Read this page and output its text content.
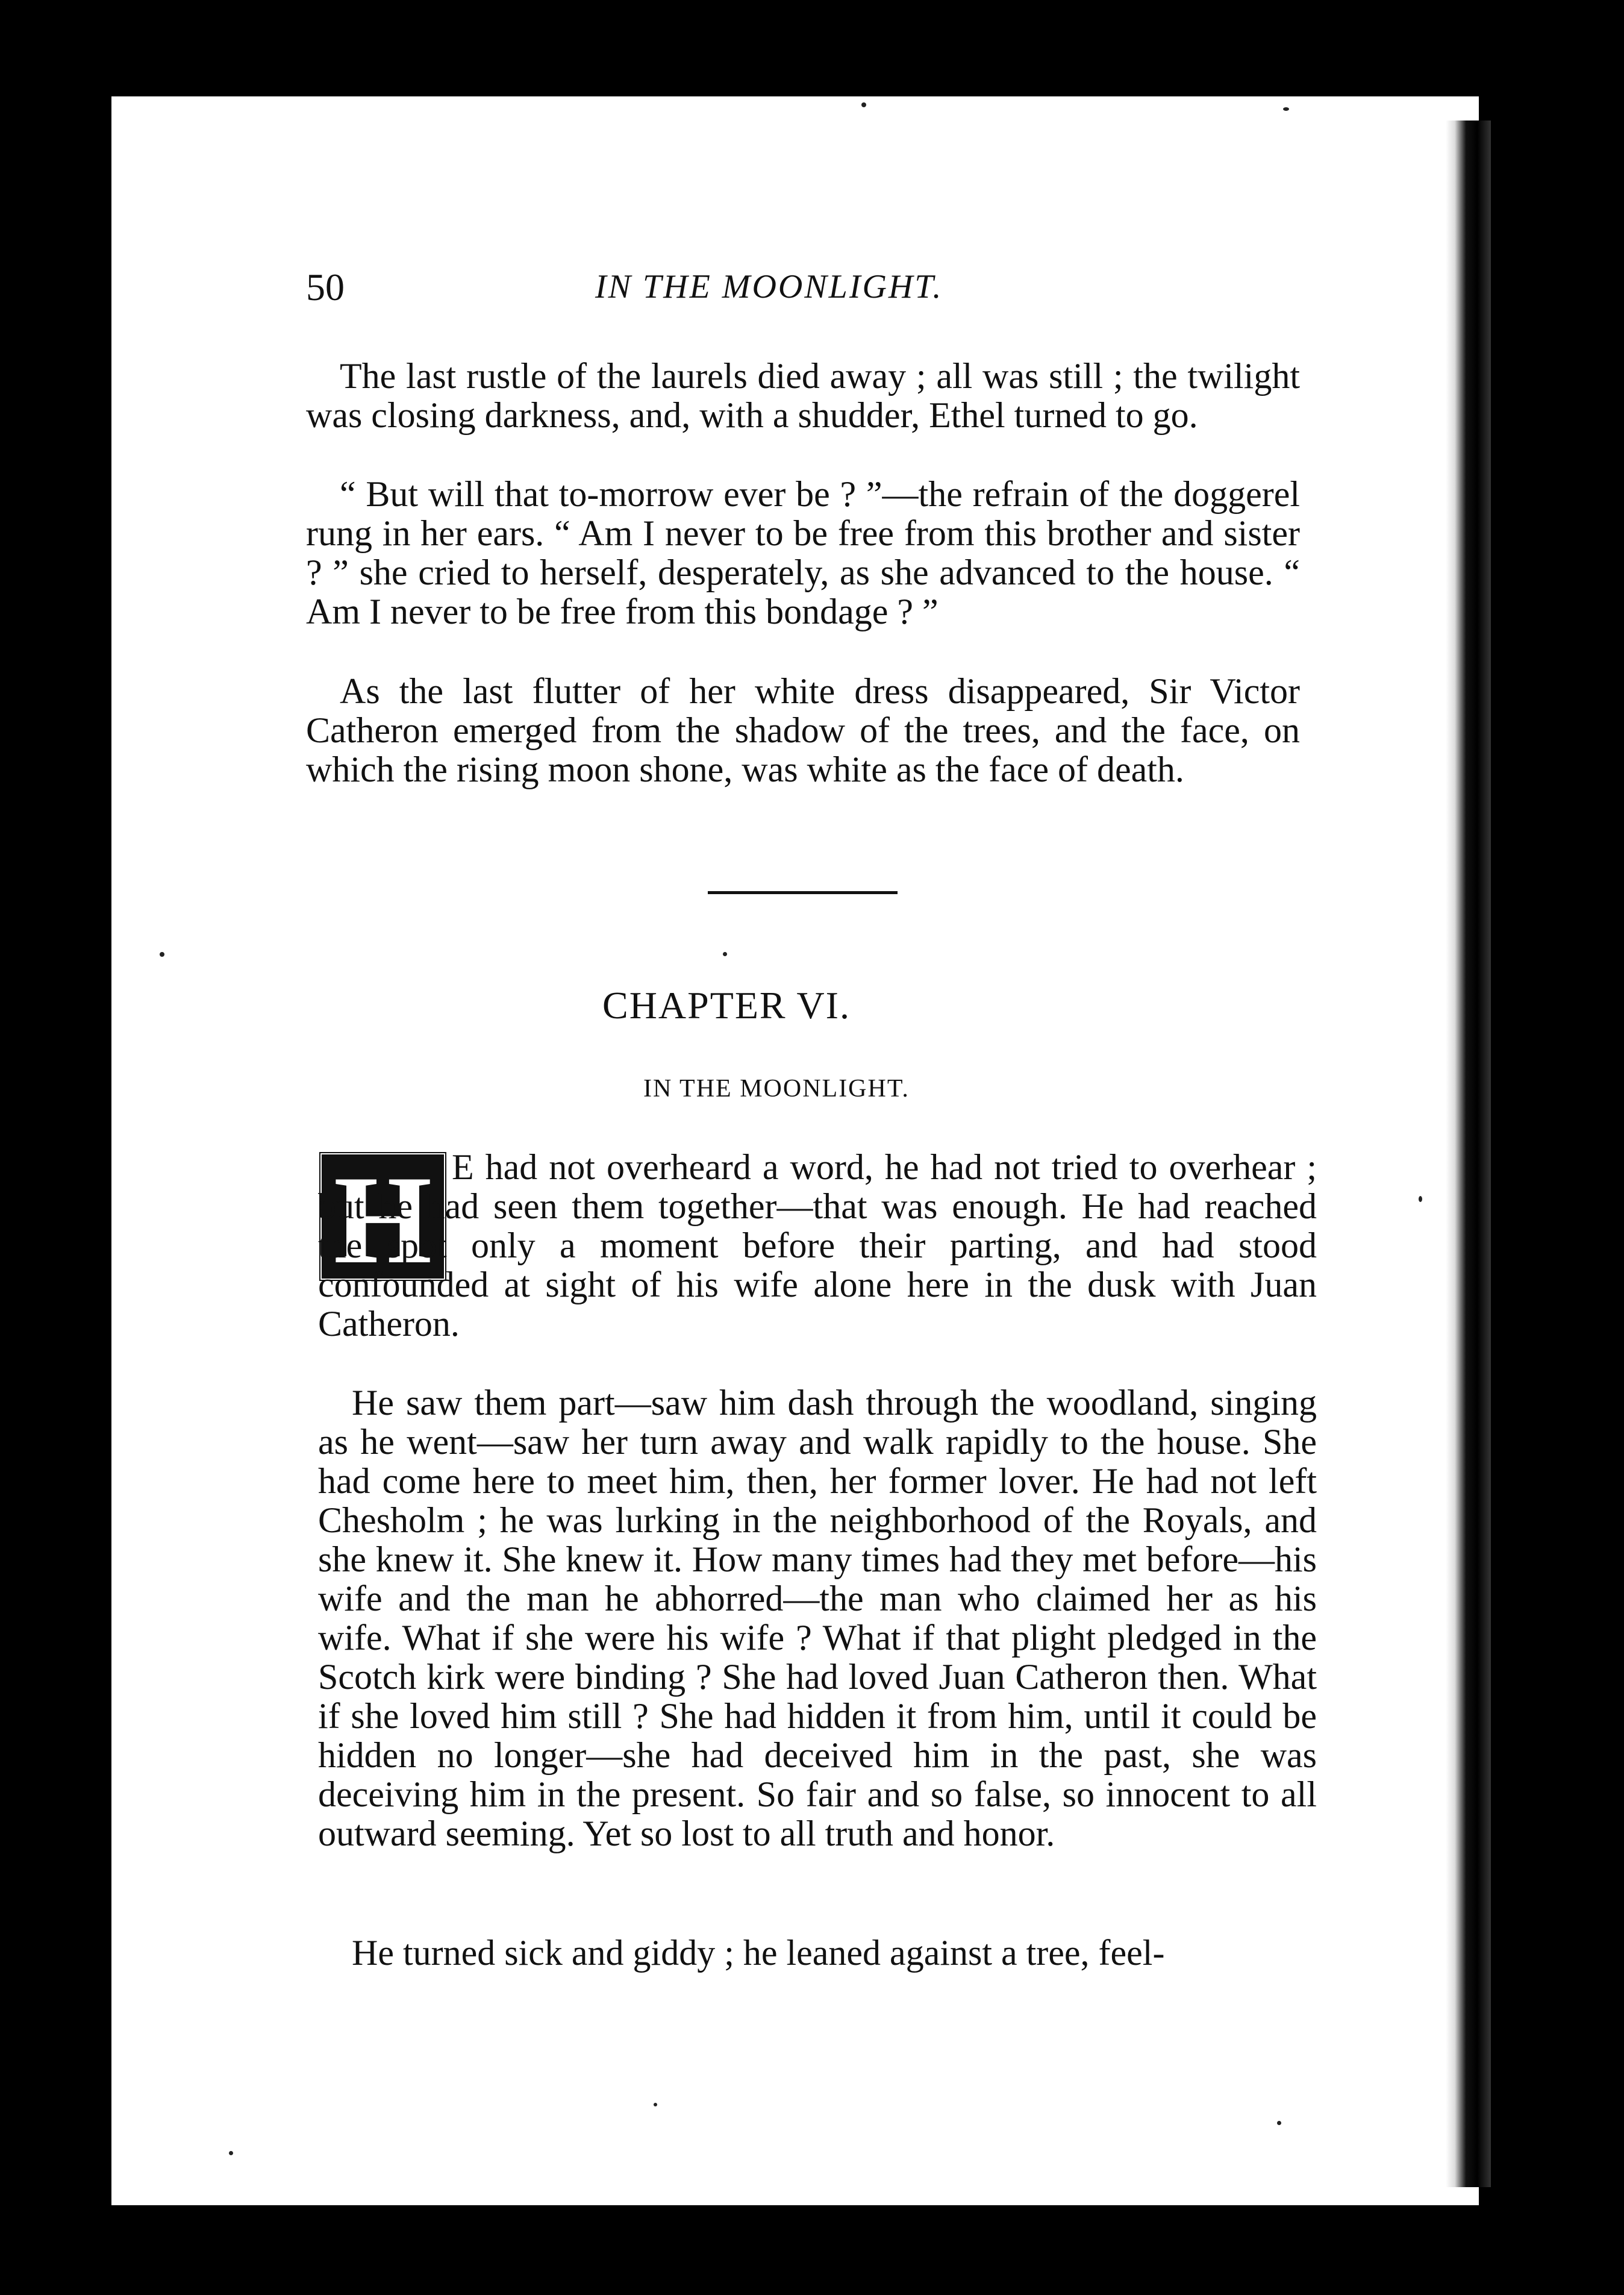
50	IN THE MOONLIGHT.

The last rustle of the laurels died away ; all was still ; the twilight was closing darkness, and, with a shudder, Ethel turned to go.

“ But will that to-morrow ever be ? ”—the refrain of the doggerel rung in her ears. “ Am I never to be free from this brother and sister ? ” she cried to herself, desperately, as she advanced to the house. “ Am I never to be free from this bondage ? ”

As the last flutter of her white dress disappeared, Sir Victor Catheron emerged from the shadow of the trees, and the face, on which the rising moon shone, was white as the face of death.

CHAPTER VI.
IN THE MOONLIGHT.
H E had not overheard a word, he had not tried to overhear ; but he had seen them together—that was enough. He had reached the spot only a moment before their parting, and had stood confounded at sight of his wife alone here in the dusk with Juan Catheron.

He saw them part—saw him dash through the woodland, singing as he went—saw her turn away and walk rapidly to the house. She had come here to meet him, then, her former lover. He had not left Chesholm ; he was lurking in the neighborhood of the Royals, and she knew it. She knew it. How many times had they met before—his wife and the man he abhorred—the man who claimed her as his wife. What if she were his wife ? What if that plight pledged in the Scotch kirk were binding ? She had loved Juan Catheron then. What if she loved him still ? She had hidden it from him, until it could be hidden no longer—she had deceived him in the past, she was deceiving him in the present. So fair and so false, so innocent to all outward seeming. Yet so lost to all truth and honor.

He turned sick and giddy ; he leaned against a tree, feel-
